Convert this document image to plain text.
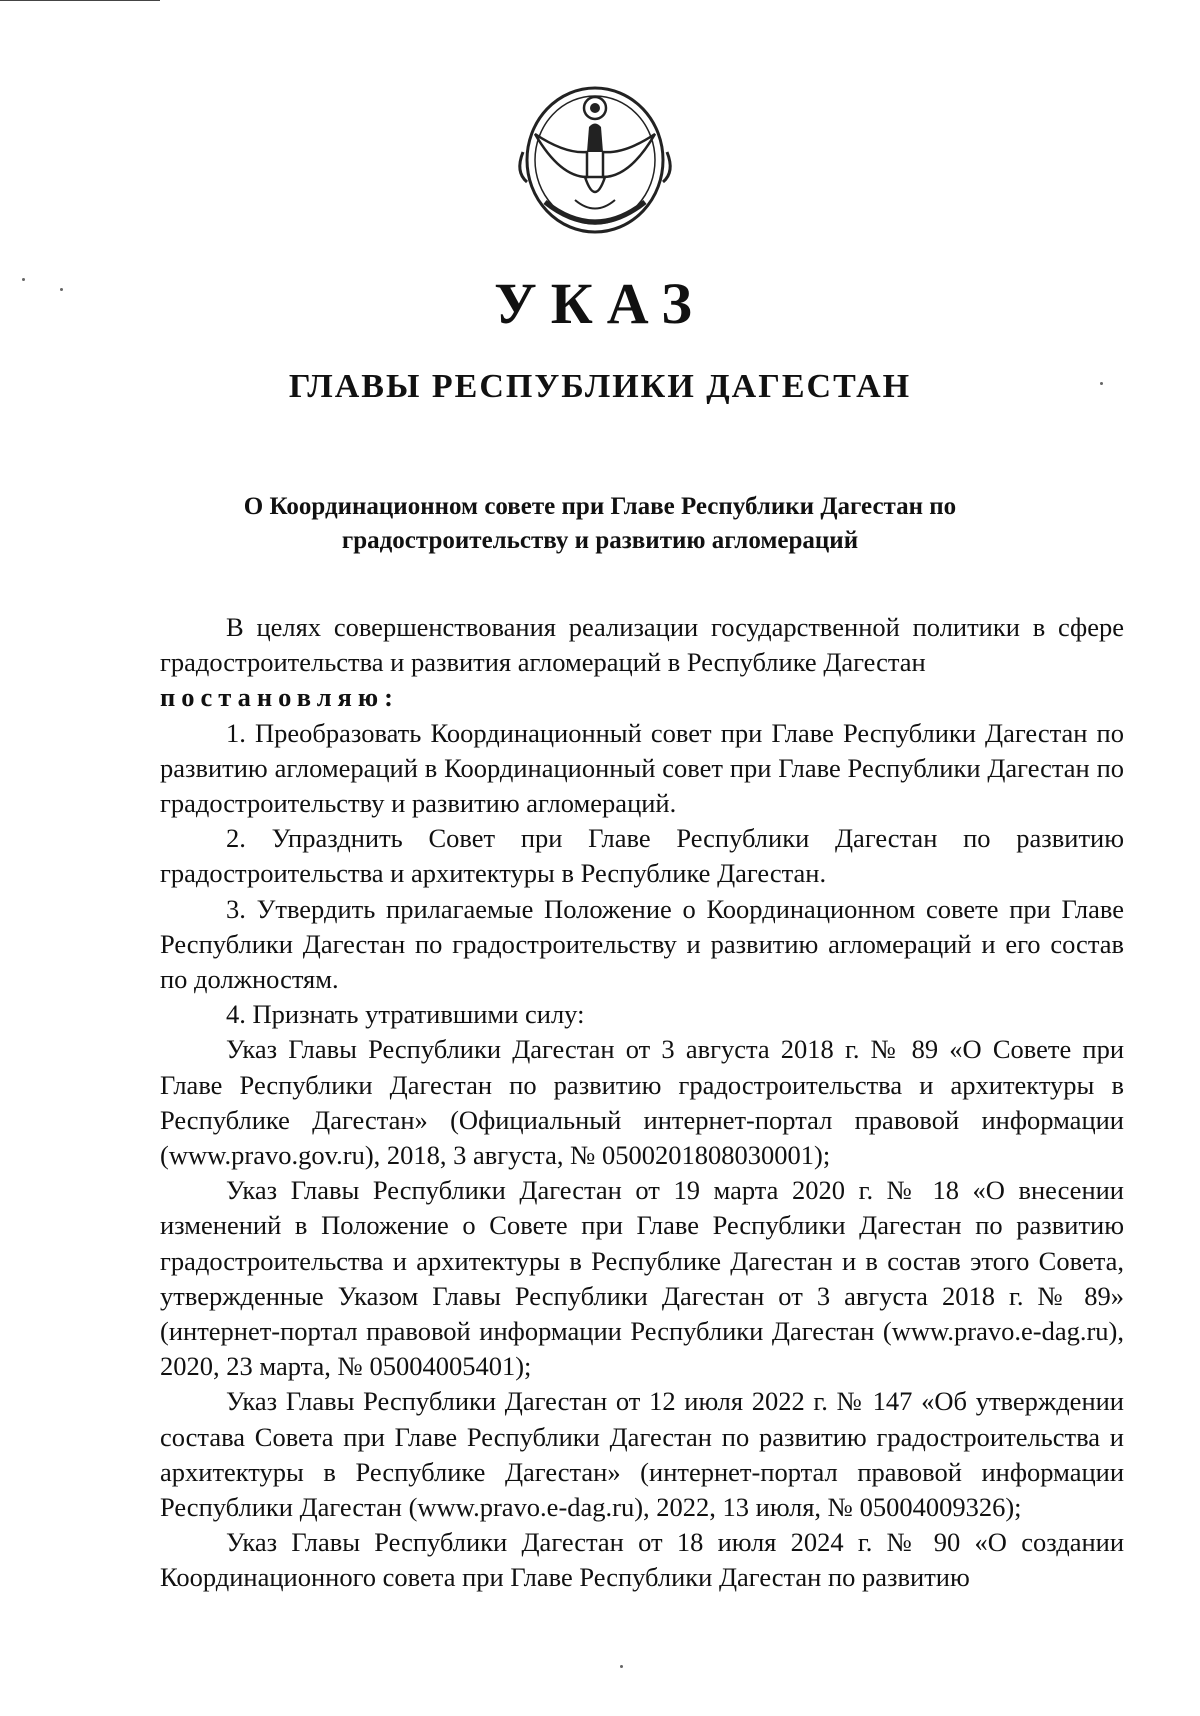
УКАЗ
ГЛАВЫ РЕСПУБЛИКИ ДАГЕСТАН
О Координационном совете при Главе Республики Дагестан по
градостроительству и развитию агломераций

В целях совершенствования реализации государственной политики в сфере градостроительства и развития агломераций в Республике Дагестан

постановляю:

1. Преобразовать Координационный совет при Главе Республики Дагестан по развитию агломераций в Координационный совет при Главе Республики Дагестан по градостроительству и развитию агломераций.

2. Упразднить Совет при Главе Республики Дагестан по развитию градостроительства и архитектуры в Республике Дагестан.

3. Утвердить прилагаемые Положение о Координационном совете при Главе Республики Дагестан по градостроительству и развитию агломераций и его состав по должностям.

4. Признать утратившими силу:

Указ Главы Республики Дагестан от 3 августа 2018 г. № 89 «О Совете при Главе Республики Дагестан по развитию градостроительства и архитектуры в Республике Дагестан» (Официальный интернет-портал правовой информации (www.pravo.gov.ru), 2018, 3 августа, № 0500201808030001);

Указ Главы Республики Дагестан от 19 марта 2020 г. № 18 «О внесении изменений в Положение о Совете при Главе Республики Дагестан по развитию градостроительства и архитектуры в Республике Дагестан и в состав этого Совета, утвержденные Указом Главы Республики Дагестан от 3 августа 2018 г. № 89» (интернет-портал правовой информации Республики Дагестан (www.pravo.e-dag.ru), 2020, 23 марта, № 05004005401);

Указ Главы Республики Дагестан от 12 июля 2022 г. № 147 «Об утверждении состава Совета при Главе Республики Дагестан по развитию градостроительства и архитектуры в Республике Дагестан» (интернет-портал правовой информации Республики Дагестан (www.pravo.e-dag.ru), 2022, 13 июля, № 05004009326);

Указ Главы Республики Дагестан от 18 июля 2024 г. № 90 «О создании Координационного совета при Главе Республики Дагестан по развитию
